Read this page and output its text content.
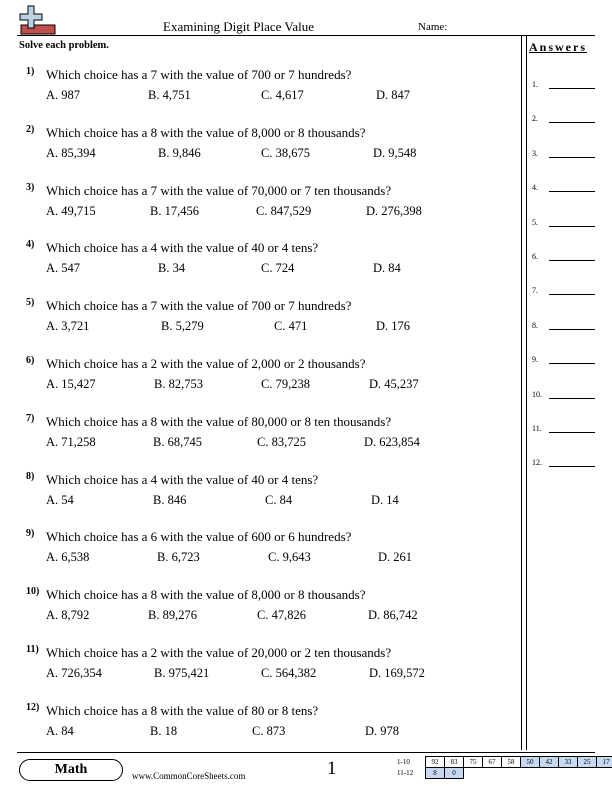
Examining Digit Place Value	Name:
Solve each problem.	Answers
1) Which choice has a 7 with the value of 700 or 7 hundreds?
A. 987	B. 4,751	C. 4,617	D. 847
2) Which choice has a 8 with the value of 8,000 or 8 thousands?
A. 85,394	B. 9,846	C. 38,675	D. 9,548
3) Which choice has a 7 with the value of 70,000 or 7 ten thousands?
A. 49,715	B. 17,456	C. 847,529	D. 276,398
4) Which choice has a 4 with the value of 40 or 4 tens?
A. 547	B. 34	C. 724	D. 84
5) Which choice has a 7 with the value of 700 or 7 hundreds?
A. 3,721	B. 5,279	C. 471	D. 176
6) Which choice has a 2 with the value of 2,000 or 2 thousands?
A. 15,427	B. 82,753	C. 79,238	D. 45,237
7) Which choice has a 8 with the value of 80,000 or 8 ten thousands?
A. 71,258	B. 68,745	C. 83,725	D. 623,854
8) Which choice has a 4 with the value of 40 or 4 tens?
A. 54	B. 846	C. 84	D. 14
9) Which choice has a 6 with the value of 600 or 6 hundreds?
A. 6,538	B. 6,723	C. 9,643	D. 261
10) Which choice has a 8 with the value of 8,000 or 8 thousands?
A. 8,792	B. 89,276	C. 47,826	D. 86,742
11) Which choice has a 2 with the value of 20,000 or 2 ten thousands?
A. 726,354	B. 975,421	C. 564,382	D. 169,572
12) Which choice has a 8 with the value of 80 or 8 tens?
A. 84	B. 18	C. 873	D. 978
1.
2.
3.
4.
5.
6.
7.
8.
9.
10.
11.
12.
Math	www.CommonCoreSheets.com	1	1-10	92	83	75	67	58	50	42	33	25	17
11-12	8	0								
